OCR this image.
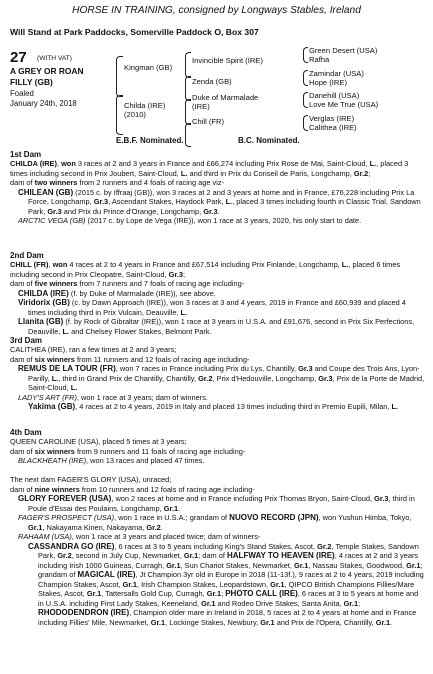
HORSE IN TRAINING, consigned by Longways Stables, Ireland
Will Stand at Park Paddocks, Somerville Paddock O, Box 307
27 (WITH VAT)
A GREY OR ROAN
FILLY (GB)
Foaled
January 24th, 2018
Kingman (GB)
Childa (IRE)
(2010)
Invincible Spirit (IRE)
Zenda (GB)
Duke of Marmalade
(IRE)
Chill (FR)
Green Desert (USA)
Rafha
Zamindar (USA)
Hope (IRE)
Danehill (USA)
Love Me True (USA)
Verglas (IRE)
Calithea (IRE)
E.B.F. Nominated.	B.C. Nominated.
1st Dam

CHILDA (IRE), won 3 races at 2 and 3 years in France and £66,274 including Prix Rose de Mai, Saint-Cloud, L., placed 3 times including second in Prix Joubert, Saint-Cloud, L. and third in Prix du Conseil de Paris, Longchamp, Gr.2;

dam of two winners from 2 runners and 4 foals of racing age viz-

CHILEAN (GB) (2015 c. by Iffraaj (GB)), won 3 races at 2 and 3 years at home and in France, £76,228 including Prix La Force, Longchamp, Gr.3, Ascendant Stakes, Haydock Park, L., placed 3 times including fourth in Classic Trial, Sandown Park, Gr.3 and Prix du Prince d'Orange, Longchamp, Gr.3.

ARCTIC VEGA (GB) (2017 c. by Lope de Vega (IRE)), won 1 race at 3 years, 2020, his only start to date.

2nd Dam

CHILL (FR), won 4 races at 2 to 4 years in France and £67,514 including Prix Finlande, Longchamp, L., placed 6 times including second in Prix Cleopatre, Saint-Cloud, Gr.3;

dam of five winners from 7 runners and 7 foals of racing age including-

CHILDA (IRE) (f. by Duke of Marmalade (IRE)), see above.

Viridorix (GB) (c. by Dawn Approach (IRE)), won 3 races at 3 and 4 years, 2019 in France and £60,939 and placed 4 times including third in Prix Vulcain, Deauville, L.

Llanita (GB) (f. by Rock of Gibraltar (IRE)), won 1 race at 3 years in U.S.A. and £91,676, second in Prix Six Perfections, Deauville, L. and Chelsey Flower Stakes, Belmont Park.

3rd Dam

CALITHEA (IRE), ran a few times at 2 and 3 years;

dam of six winners from 11 runners and 12 foals of racing age including-

REMUS DE LA TOUR (FR), won 7 races in France including Prix du Lys, Chantilly, Gr.3 and Coupe des Trois Ans, Lyon-Parilly, L., third in Grand Prix de Chantilly, Chantilly, Gr.2, Prix d'Hedouville, Longchamp, Gr.3, Prix de la Porte de Madrid, Saint-Cloud, L.

LADY'S ART (FR), won 1 race at 3 years; dam of winners.

Yakima (GB), 4 races at 2 to 4 years, 2019 in Italy and placed 13 times including third in Premio Eupili, Milan, L.

4th Dam

QUEEN CAROLINE (USA), placed 5 times at 3 years;

dam of six winners from 9 runners and 11 foals of racing age including-

BLACKHEATH (IRE), won 13 races and placed 47 times.

The next dam FAGER'S GLORY (USA), unraced;

dam of nine winners from 10 runners and 12 foals of racing age including-

GLORY FOREVER (USA), won 2 races at home and in France including Prix Thomas Bryon, Saint-Cloud, Gr.3, third in Poule d'Essai des Poulains, Longchamp, Gr.1.

FAGER'S PROSPECT (USA), won 1 race in U.S.A.; grandam of NUOVO RECORD (JPN), won Yushun Himba, Tokyo, Gr.1, Nakayama Kinen, Nakayama, Gr.2.

RAHAAM (USA), won 1 race at 3 years and placed twice; dam of winners-

CASSANDRA GO (IRE), 6 races at 3 to 5 years including King's Stand Stakes, Ascot, Gr.2, Temple Stakes, Sandown Park, Gr.2, second in July Cup, Newmarket, Gr.1; dam of HALFWAY TO HEAVEN (IRE), 4 races at 2 and 3 years including Irish 1000 Guineas, Curragh, Gr.1, Sun Chariot Stakes, Newmarket, Gr.1, Nassau Stakes, Goodwood, Gr.1; grandam of MAGICAL (IRE), Jt Champion 3yr old in Europe in 2018 (11-13f.), 9 races at 2 to 4 years, 2019 including Champion Stakes, Ascot, Gr.1, Irish Champion Stakes, Leopardstown, Gr.1, QIPCO British Champions Fillies/Mare Stakes, Ascot, Gr.1, Tattersalls Gold Cup, Curragh, Gr.1; PHOTO CALL (IRE), 6 races at 3 to 5 years at home and in U.S.A. including First Lady Stakes, Keeneland, Gr.1 and Rodeo Drive Stakes, Santa Anita, Gr.1; RHODODENDRON (IRE), Champion older mare in Ireland in 2018, 5 races at 2 to 4 years at home and in France including Fillies' Mile, Newmarket, Gr.1, Lockinge Stakes, Newbury, Gr.1 and Prix de l'Opera, Chantilly, Gr.1.
